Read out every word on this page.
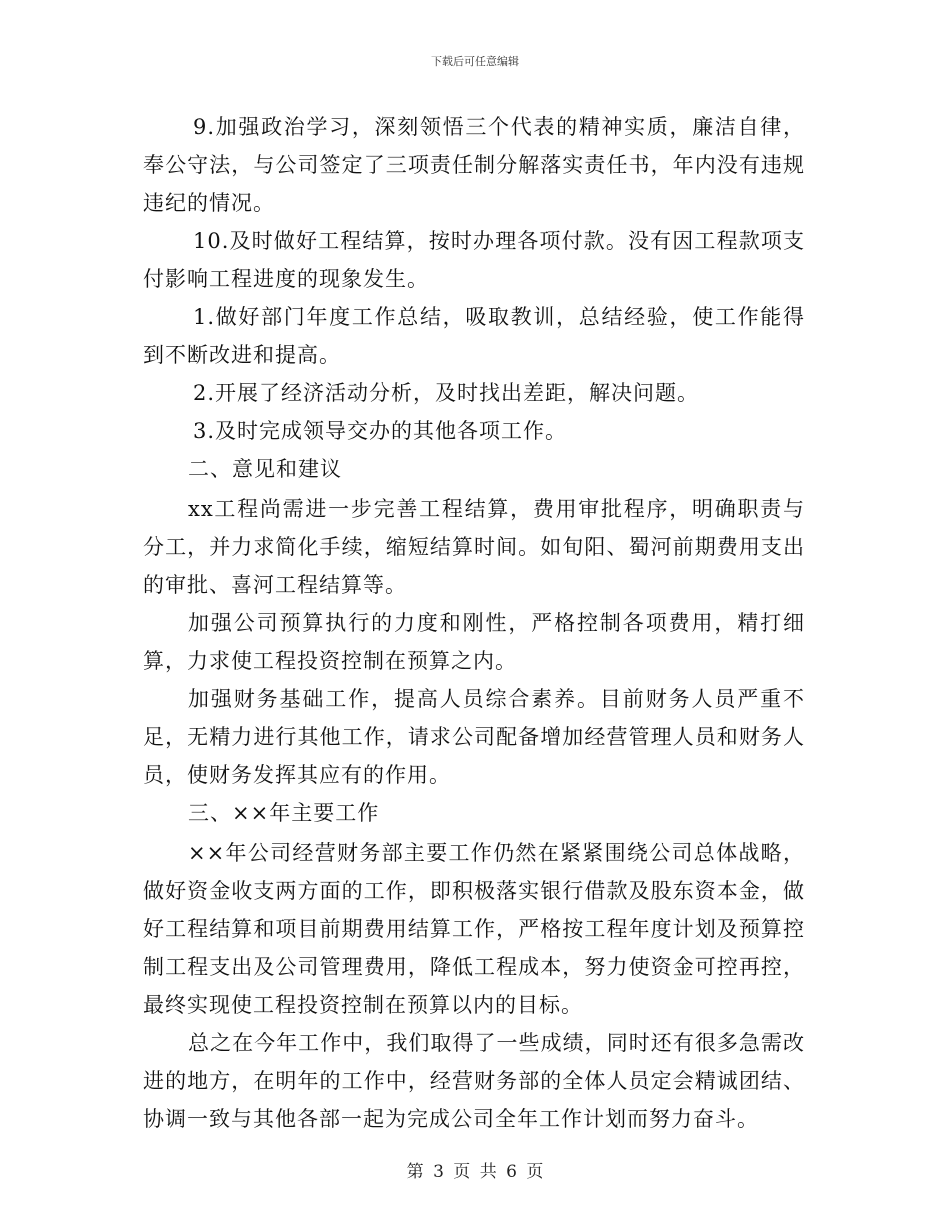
下载后可任意编辑

9.加强政治学习，深刻领悟三个代表的精神实质，廉洁自律，奉公守法，与公司签定了三项责任制分解落实责任书，年内没有违规违纪的情况。

10.及时做好工程结算，按时办理各项付款。没有因工程款项支付影响工程进度的现象发生。

1.做好部门年度工作总结，吸取教训，总结经验，使工作能得到不断改进和提高。

2.开展了经济活动分析，及时找出差距，解决问题。

3.及时完成领导交办的其他各项工作。

二、意见和建议

xx工程尚需进一步完善工程结算，费用审批程序，明确职责与分工，并力求简化手续，缩短结算时间。如旬阳、蜀河前期费用支出的审批、喜河工程结算等。

加强公司预算执行的力度和刚性，严格控制各项费用，精打细算，力求使工程投资控制在预算之内。

加强财务基础工作，提高人员综合素养。目前财务人员严重不足，无精力进行其他工作，请求公司配备增加经营管理人员和财务人员，使财务发挥其应有的作用。

三、××年主要工作

××年公司经营财务部主要工作仍然在紧紧围绕公司总体战略，做好资金收支两方面的工作，即积极落实银行借款及股东资本金，做好工程结算和项目前期费用结算工作，严格按工程年度计划及预算控制工程支出及公司管理费用，降低工程成本，努力使资金可控再控，最终实现使工程投资控制在预算以内的目标。

总之在今年工作中，我们取得了一些成绩，同时还有很多急需改进的地方，在明年的工作中，经营财务部的全体人员定会精诚团结、协调一致与其他各部一起为完成公司全年工作计划而努力奋斗。

第 3 页 共 6 页
